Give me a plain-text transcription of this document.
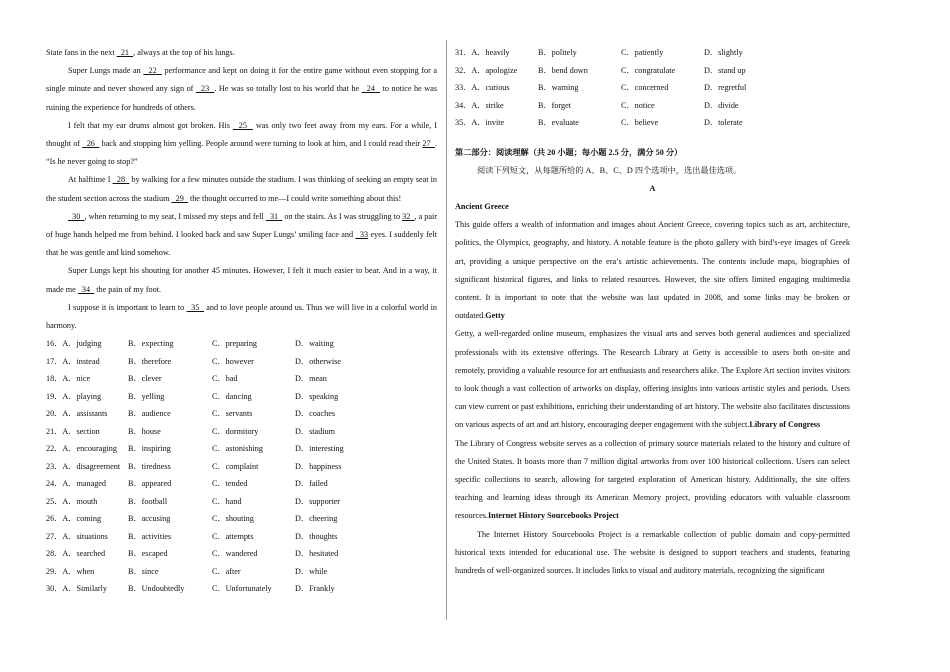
State fans in the next   21 , always at the top of his lungs.

Super Lungs made an   22   performance and kept on doing it for the entire game without even stopping for a single minute and never showed any sign of   23 . He was so totally lost to his world that he   24   to notice he was ruining the experience for hundreds of others.

I felt that my ear drums almost got broken. His   25   was only two feet away from my ears. For a while, I thought of   26   back and stopping him yelling. People around were turning to look at him, and I could read their 27 . “Is he never going to stop?”

At halftime I   28   by walking for a few minutes outside the stadium. I was thinking of seeking an empty seat in the student section across the stadium   29   the thought occurred to me—I could write something about this!

30 , when returning to my seat, I missed my steps and fell   31   on the stairs. As I was struggling to 32 , a pair of huge hands helped me from behind. I looked back and saw Super Lungs’ smiling face and   33 eyes. I suddenly felt that he was gentle and kind somehow.

Super Lungs kept his shouting for another 45 minutes. However, I felt it much easier to bear. And in a way, it made me   34   the pain of my foot.

I suppose it is important to learn to   35   and to love people around us. Thus we will live in a colorful world in harmony.

16．A．judging	B．expecting	C．preparing	D．waiting
17．A．instead	B．therefore	C．however	D．otherwise
18．A．nice	B．clever	C．bad	D．mean
19．A．playing	B．yelling	C．dancing	D．speaking
20．A．assistants	B．audience	C．servants	D．coaches
21．A．section	B．house	C．dormitory	D．stadium
22．A．encouraging	B．inspiring	C．astonishing	D．interesting
23．A．disagreement B．tiredness	C．complaint	D．happiness
24．A．managed	B．appeared	C．tended	D．failed
25．A．mouth	B．football	C．hand	D．supporter
26．A．coming	B．accusing	C．shouting	D．cheering
27．A．situations	B．activities	C．attempts	D．thoughts
28．A．searched	B．escaped	C．wandered	D．hesitated
29．A．when	B．since	C．after	D．while
30．A．Similarly	B．Undoubtedly	C．Unfortunately	D．Frankly
31．A．heavily	B．politely	C．patiently	D．slightly
32．A．apologize	B．bend down	C．congratulate	D．stand up
33．A．curious	B．warning	C．concerned	D．regretful
34．A．strike	B．forget	C．notice	D．divide
35．A．invite	B．evaluate	C．believe	D．tolerate

第二部分：阅读理解（共 20 小题；每小题 2.5 分，满分 50 分）

阅读下列短文，从每题所给的 A、B、C、D 四个选项中，选出最佳选项。

A

Ancient Greece

This guide offers a wealth of information and images about Ancient Greece, covering topics such as art, architecture, politics, the Olympics, geography, and history. A notable feature is the photo gallery with bird’s-eye images of Greek art, providing a unique perspective on the era’s artistic achievements. The contents include maps, biographies of significant historical figures, and links to related resources. However, the site offers limited engaging multimedia content. It is important to note that the website was last updated in 2008, and some links may be broken or outdated.Getty

Getty, a well-regarded online museum, emphasizes the visual arts and serves both general audiences and specialized professionals with its extensive offerings. The Research Library at Getty is accessible to users both on-site and remotely, providing a valuable resource for art enthusiasts and researchers alike. The Explore Art section invites visitors to look though a vast collection of artworks on display, offering insights into various artistic styles and periods. Users can view current or past exhibitions, enriching their understanding of art history. The website also facilitates discussions on various aspects of art and art history, encouraging deeper engagement with the subject.Library of Congress

The Library of Congress website serves as a collection of primary source materials related to the history and culture of the United States. It boasts more than 7 million digital artworks from over 100 historical collections. Users can select specific collections to search, allowing for targeted exploration of American history. Additionally, the site offers teaching and learning ideas through its American Memory project, providing educators with valuable classroom resources.Internet History Sourcebooks Project

The Internet History Sourcebooks Project is a remarkable collection of public domain and copy-permitted historical texts intended for educational use. The website is designed to support teachers and students, featuring hundreds of well-organized sources. It includes links to visual and auditory materials, recognizing the significant
